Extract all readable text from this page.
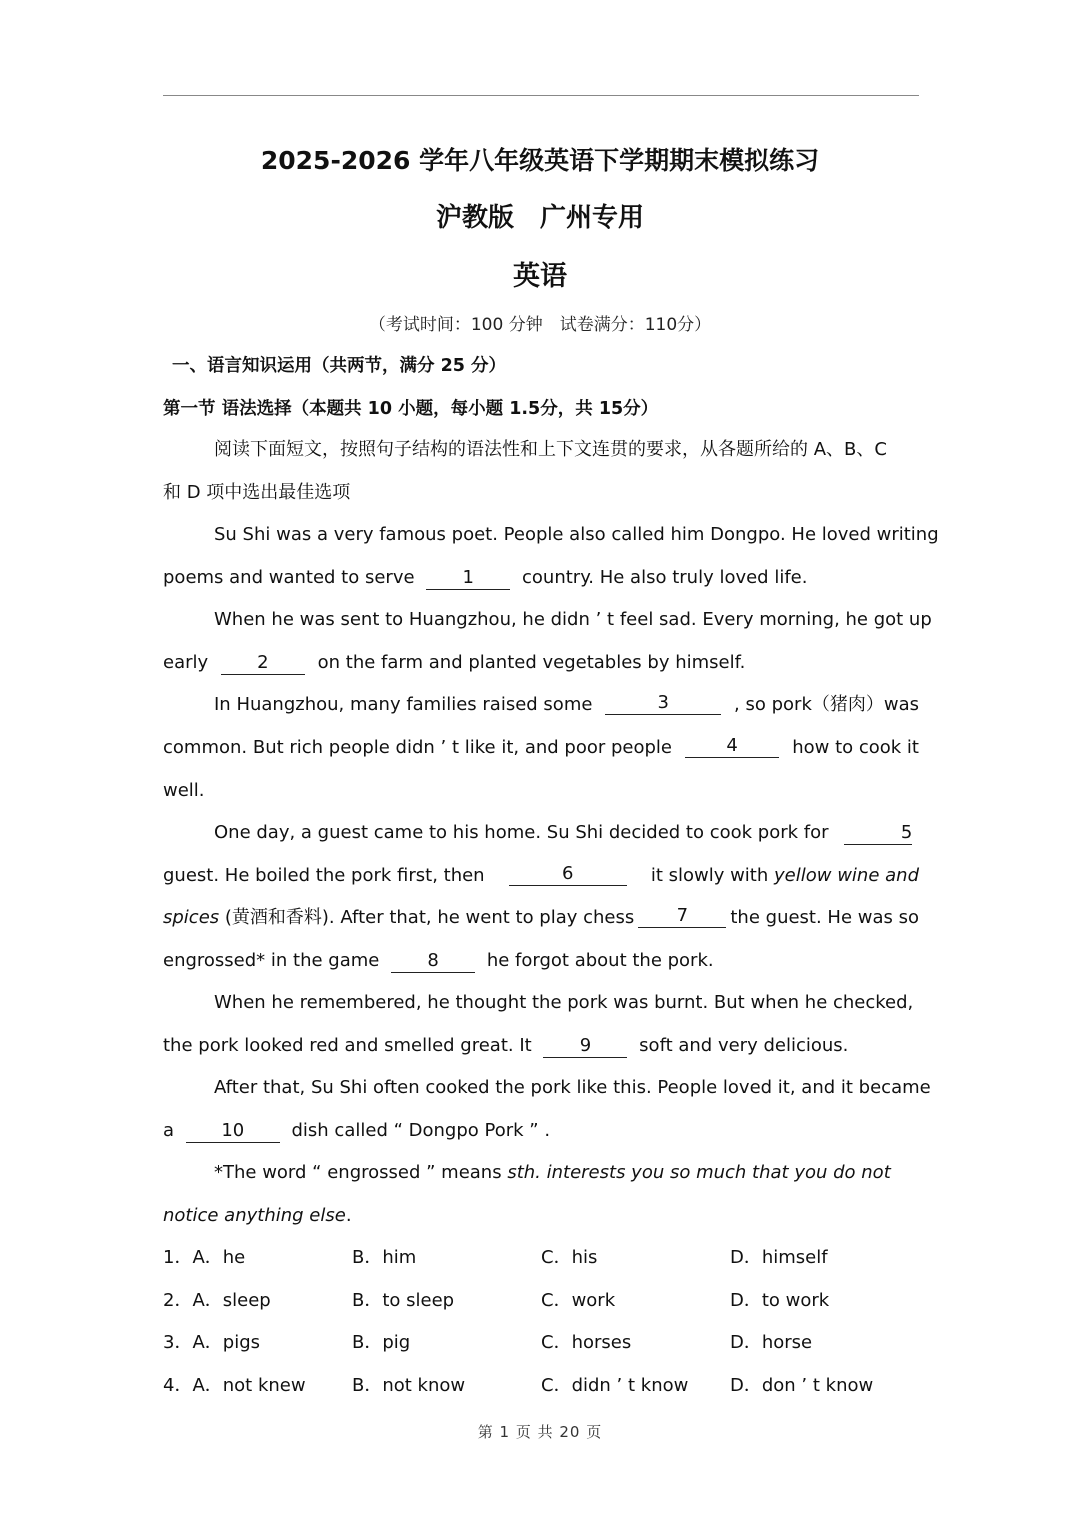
2025-2026 学年八年级英语下学期期末模拟练习
沪教版　广州专用
英语
（考试时间：100 分钟　试卷满分：110分）
一、语言知识运用（共两节，满分 25 分）
第一节 语法选择（本题共 10 小题，每小题 1.5分，共 15分）
阅读下面短文，按照句子结构的语法性和上下文连贯的要求，从各题所给的 A、B、C
和 D 项中选出最佳选项
Su Shi was a very famous poet. People also called him Dongpo. He loved writing
poems and wanted to serve	1	country. He also truly loved life.
When he was sent to Huangzhou, he didn ’ t feel sad. Every morning, he got up
early	2	on the farm and planted vegetables by himself.
In Huangzhou, many families raised some	3	, so pork（猪肉）was
common. But rich people didn ’ t like it, and poor people	4	how to cook it
well.
One day, a guest came to his home. Su Shi decided to cook pork for	5
guest. He boiled the pork first, then	6	it slowly with yellow wine and
spices (黄酒和香料). After that, he went to play chess	7	the guest. He was so
engrossed* in the game	8	he forgot about the pork.
When he remembered, he thought the pork was burnt. But when he checked,
the pork looked red and smelled great. It	9	soft and very delicious.
After that, Su Shi often cooked the pork like this. People loved it, and it became
a	10	dish called “ Dongpo Pork ” .
*The word “ engrossed ” means sth. interests you so much that you do not
notice anything else.
1．A．he	B．him	C．his	D．himself
2．A．sleep	B．to sleep	C．work	D．to work
3．A．pigs	B．pig	C．horses	D．horse
4．A．not knew	B．not know	C．didn ’ t know D．don ’ t know
第 1 页 共 20 页
